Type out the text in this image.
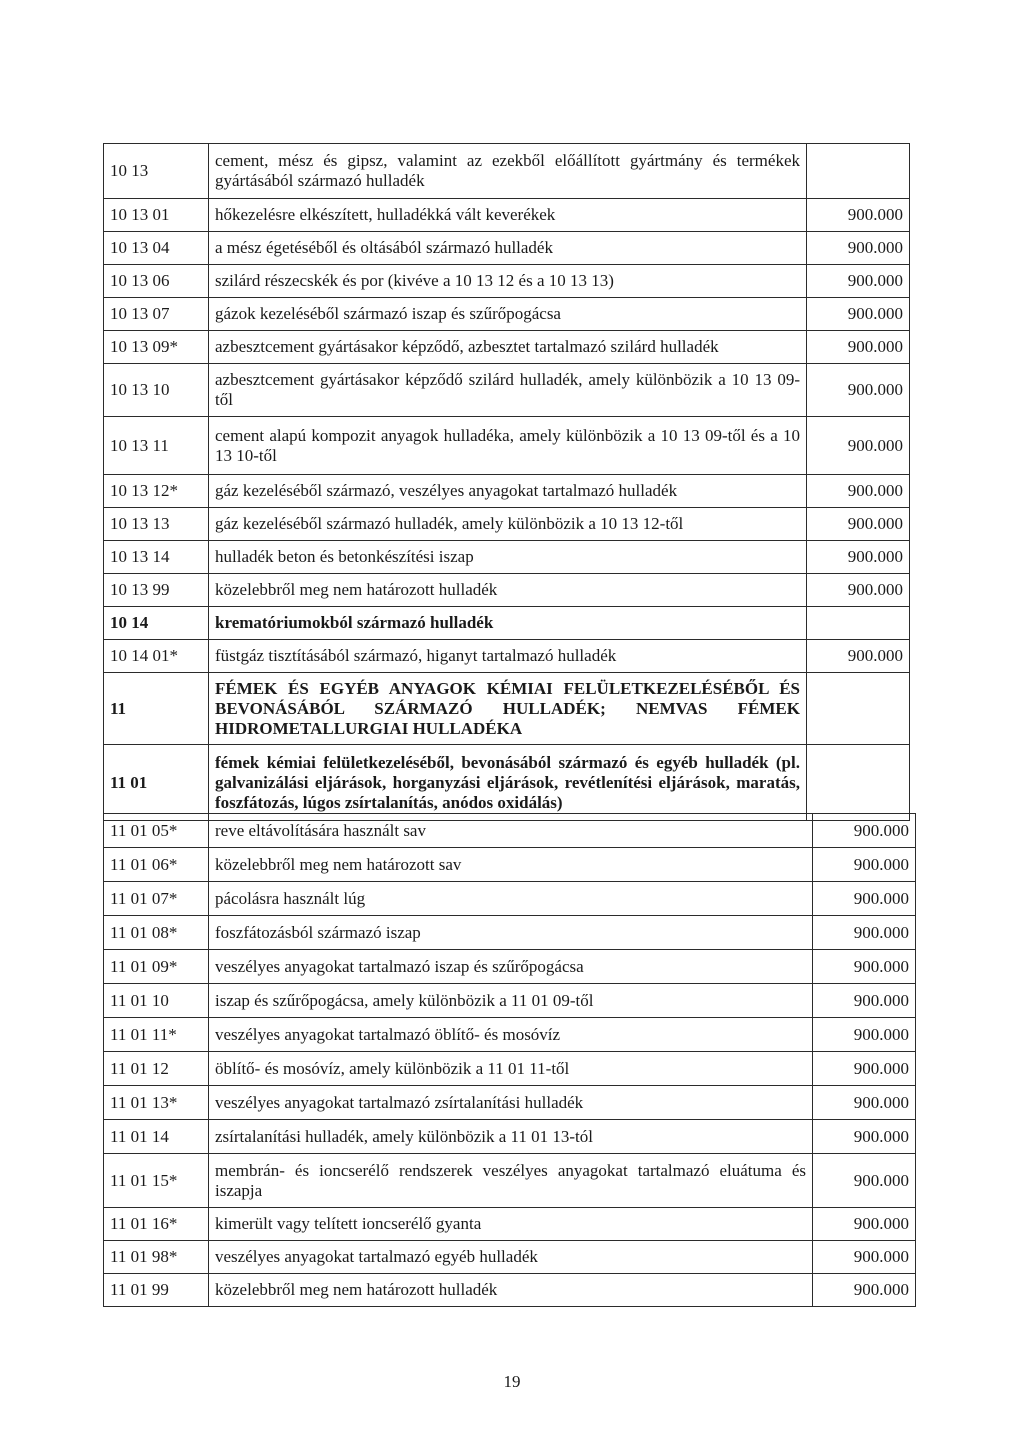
10 13	cement, mész és gipsz, valamint az ezekből előállított gyártmány és termékek gyártásából származó hulladék	
10 13 01	hőkezelésre elkészített, hulladékká vált keverékek	900.000
10 13 04	a mész égetéséből és oltásából származó hulladék	900.000
10 13 06	szilárd részecskék és por (kivéve a 10 13 12 és a 10 13 13)	900.000
10 13 07	gázok kezeléséből származó iszap és szűrőpogácsa	900.000
10 13 09*	azbesztcement gyártásakor képződő, azbesztet tartalmazó szilárd hulladék	900.000
10 13 10	azbesztcement gyártásakor képződő szilárd hulladék, amely különbözik a 10 13 09-től	900.000
10 13 11	cement alapú kompozit anyagok hulladéka, amely különbözik a 10 13 09-től és a 10 13 10-től	900.000
10 13 12*	gáz kezeléséből származó, veszélyes anyagokat tartalmazó hulladék	900.000
10 13 13	gáz kezeléséből származó hulladék, amely különbözik a 10 13 12-től	900.000
10 13 14	hulladék beton és betonkészítési iszap	900.000
10 13 99	közelebbről meg nem határozott hulladék	900.000
10 14	krematóriumokból származó hulladék	
10 14 01*	füstgáz tisztításából származó, higanyt tartalmazó hulladék	900.000
11	FÉMEK ÉS EGYÉB ANYAGOK KÉMIAI FELÜLETKEZELÉSÉBŐL ÉS BEVONÁSÁBÓL SZÁRMAZÓ HULLADÉK; NEMVAS FÉMEK HIDROMETALLURGIAI HULLADÉKA	
11 01	fémek kémiai felületkezeléséből, bevonásából származó és egyéb hulladék (pl. galvanizálási eljárások, horganyzási eljárások, revétlenítési eljárások, maratás, foszfátozás, lúgos zsírtalanítás, anódos oxidálás)	
11 01 05*	reve eltávolítására használt sav	900.000
11 01 06*	közelebbről meg nem határozott sav	900.000
11 01 07*	pácolásra használt lúg	900.000
11 01 08*	foszfátozásból származó iszap	900.000
11 01 09*	veszélyes anyagokat tartalmazó iszap és szűrőpogácsa	900.000
11 01 10	iszap és szűrőpogácsa, amely különbözik a 11 01 09-től	900.000
11 01 11*	veszélyes anyagokat tartalmazó öblítő- és mosóvíz	900.000
11 01 12	öblítő- és mosóvíz, amely különbözik a 11 01 11-től	900.000
11 01 13*	veszélyes anyagokat tartalmazó zsírtalanítási hulladék	900.000
11 01 14	zsírtalanítási hulladék, amely különbözik a 11 01 13-tól	900.000
11 01 15*	membrán- és ioncserélő rendszerek veszélyes anyagokat tartalmazó eluátuma és iszapja	900.000
11 01 16*	kimerült vagy telített ioncserélő gyanta	900.000
11 01 98*	veszélyes anyagokat tartalmazó egyéb hulladék	900.000
11 01 99	közelebbről meg nem határozott hulladék	900.000
19
